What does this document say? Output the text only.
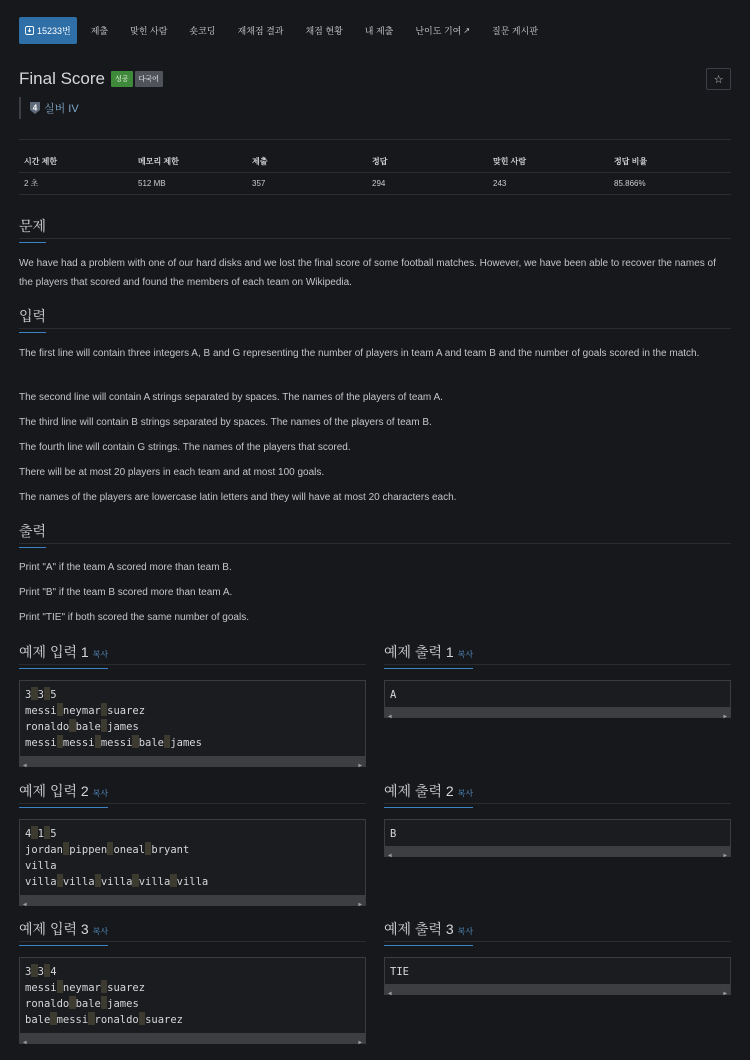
15233번 제출 맞힌 사람 숏코딩 재채점 결과 채점 현황 내 제출 난이도 기여 ↗ 질문 게시판
Final Score	성공	다국어	☆
4 실버 IV
시간 제한	메모리 제한	제출	정답	맞힌 사람	정답 비율
2 초	512 MB	357	294	243	85.866%
문제
We have had a problem with one of our hard disks and we lost the final score of some football matches. However, we have been able to recover the names of the players that scored and found the members of each team on Wikipedia.
입력
The first line will contain three integers A, B and G representing the number of players in team A and team B and the number of goals scored in the match.
The second line will contain A strings separated by spaces. The names of the players of team A.
The third line will contain B strings separated by spaces. The names of the players of team B.
The fourth line will contain G strings. The names of the players that scored.
There will be at most 20 players in each team and at most 100 goals.
The names of the players are lowercase latin letters and they will have at most 20 characters each.
출력
Print "A" if the team A scored more than team B.
Print "B" if the team B scored more than team A.
Print "TIE" if both scored the same number of goals.
예제 입력 1 복사	예제 출력 1 복사
3 3 5
messi neymar suarez
ronaldo bale james
messi messi messi bale james
◀	▶
A
◀	▶
예제 입력 2 복사	예제 출력 2 복사
4 1 5
jordan pippen oneal bryant
villa
villa villa villa villa villa
◀	▶
B
◀	▶
예제 입력 3 복사	예제 출력 3 복사
3 3 4
messi neymar suarez
ronaldo bale james
bale messi ronaldo suarez
◀	▶
TIE
◀	▶
